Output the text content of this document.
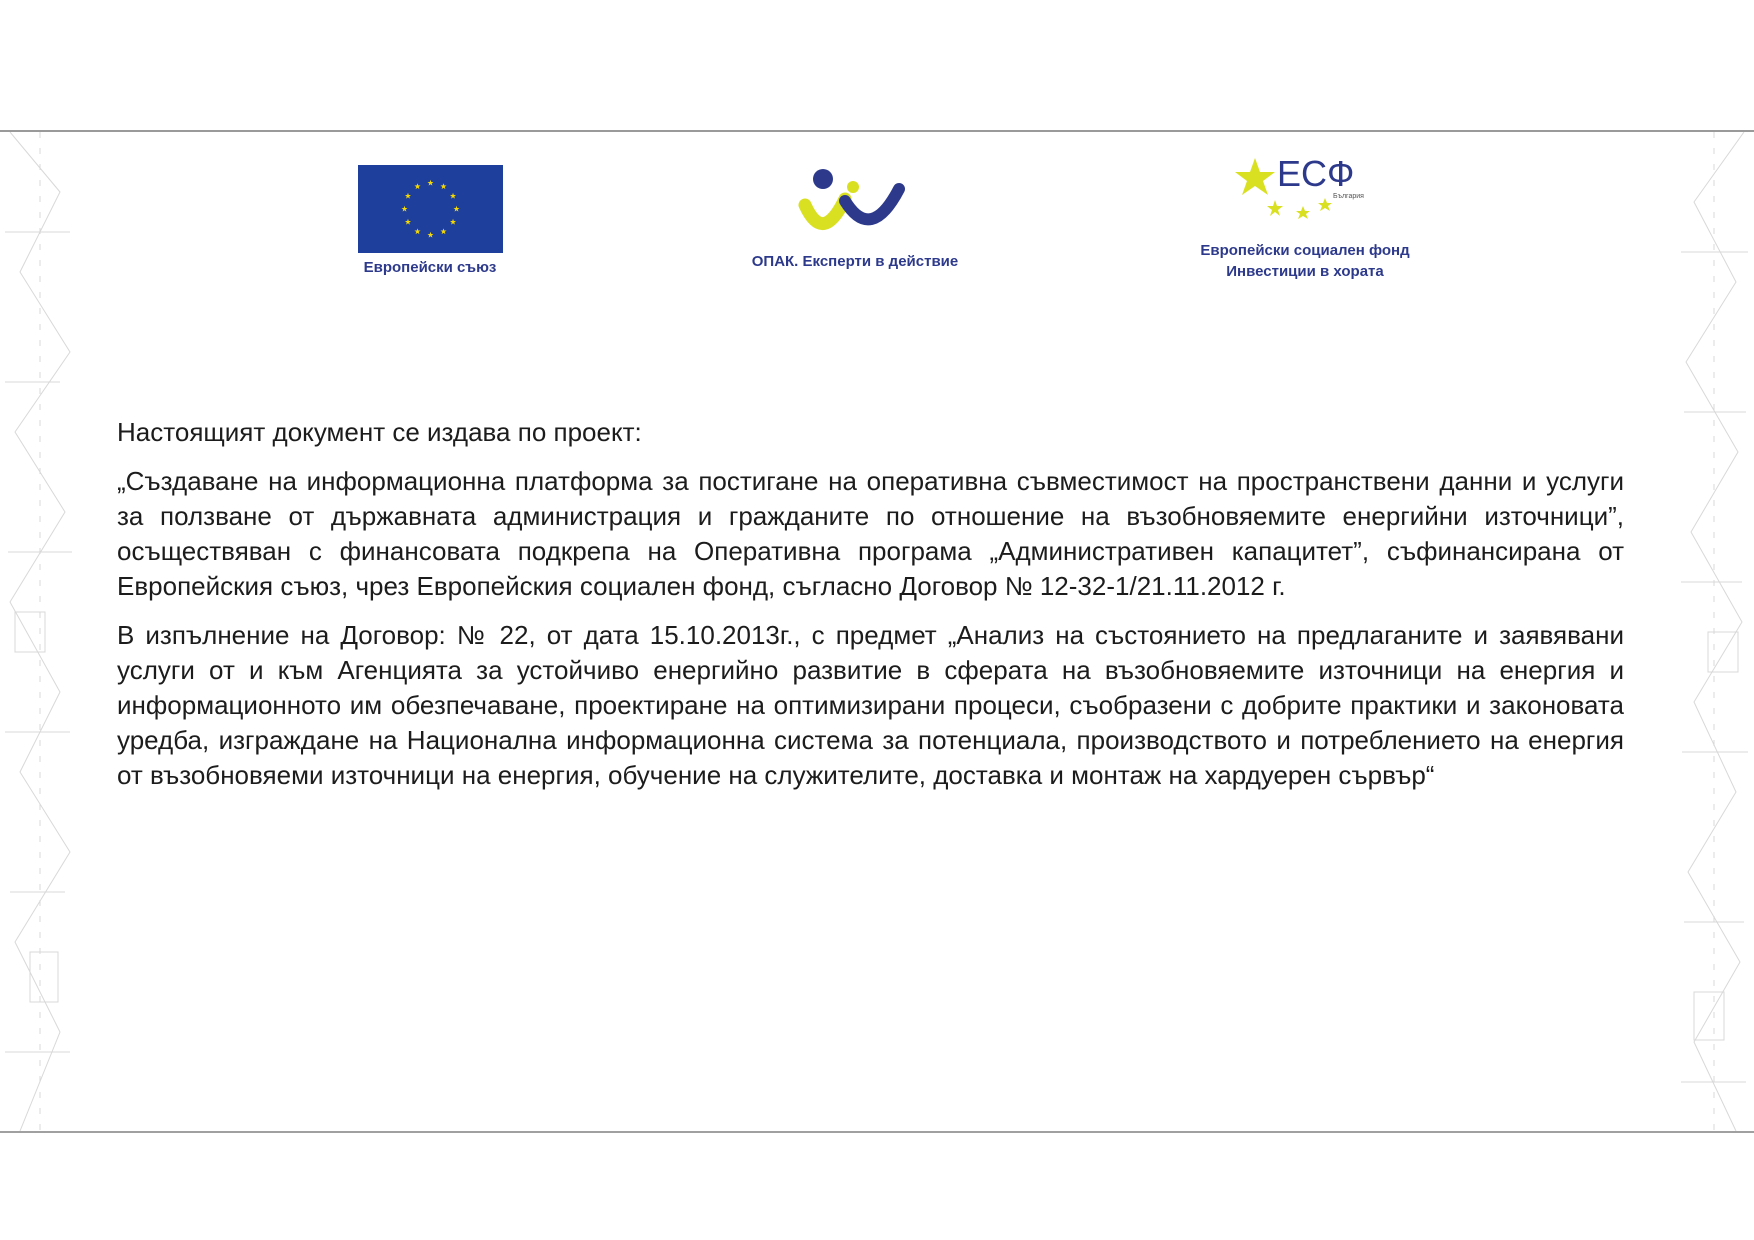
Европейски съюз	ОПАК. Експерти в действие
ЕСФ
България
Европейски социален фонд
Инвестиции в хората

Настоящият документ се издава по проект:

„Създаване на информационна платформа за постигане на оперативна съвместимост на пространствени данни и услуги за ползване от държавната администрация и гражданите по отношение на възобновяемите енергийни източници”, осъществяван с финансовата подкрепа на Оперативна програма „Административен капацитет”, съфинансирана от Европейския съюз, чрез Европейския социален фонд, съгласно Договор № 12-32-1/21.11.2012 г.

В изпълнение на Договор: № 22, от дата 15.10.2013г., с предмет „Анализ на състоянието на предлаганите и заявявани услуги от и към Агенцията за устойчиво енергийно развитие в сферата на възобновяемите източници на енергия и информационното им обезпечаване, проектиране на оптимизирани процеси, съобразени с добрите практики и законовата уредба, изграждане на Национална информационна система за потенциала, производството и потреблението на енергия от възобновяеми източници на енергия, обучение на служителите, доставка и монтаж на хардуерен сървър“
